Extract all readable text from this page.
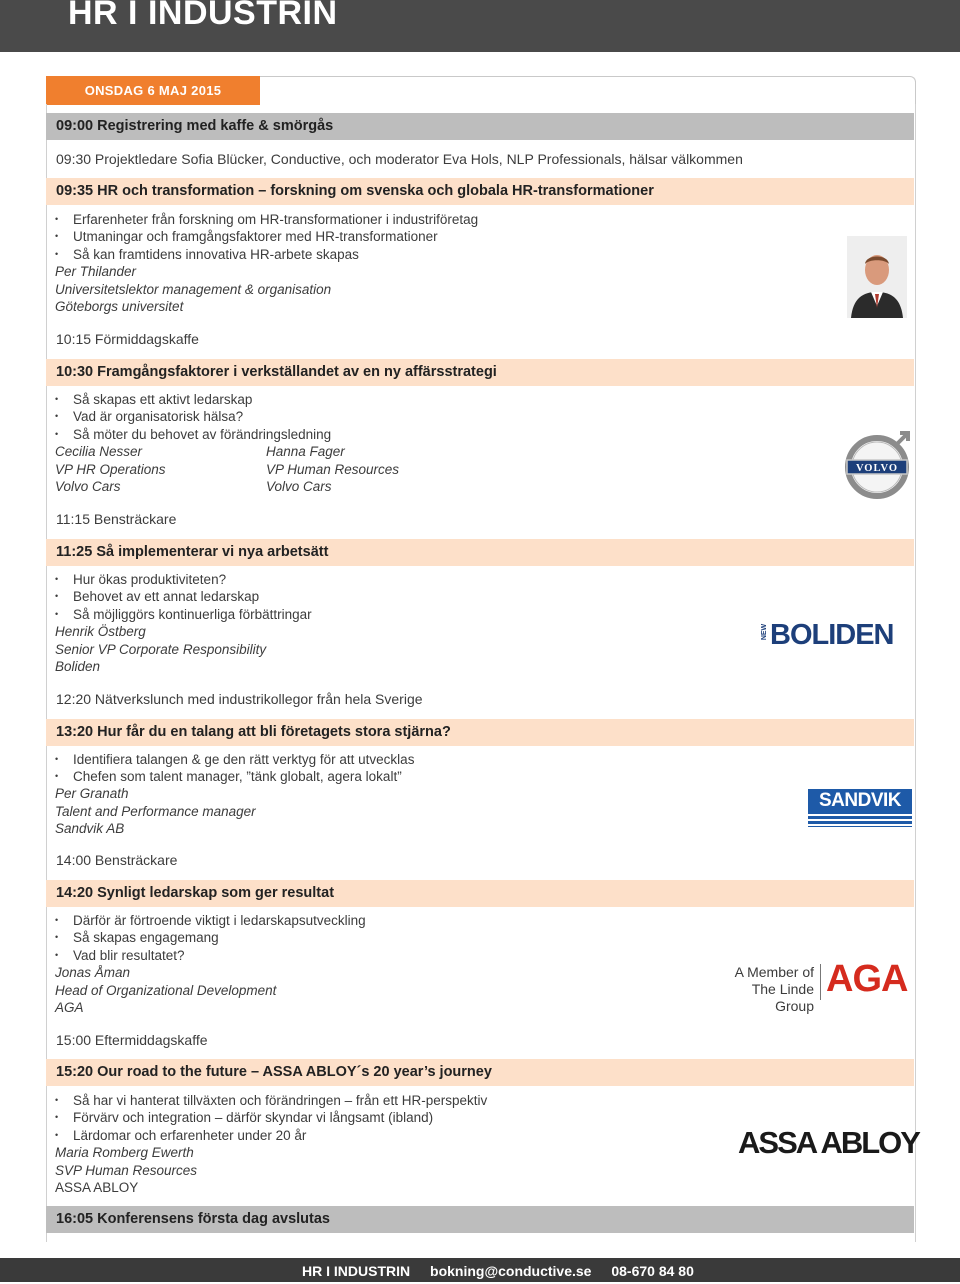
HR I INDUSTRIN
ONSDAG 6 MAJ 2015
09:00 Registrering med kaffe & smörgås
09:30 Projektledare Sofia Blücker, Conductive, och moderator Eva Hols, NLP Professionals, hälsar välkommen
09:35 HR och transformation – forskning om svenska och globala HR-transformationer
Erfarenheter från forskning om HR-transformationer i industriföretag
Utmaningar och framgångsfaktorer med HR-transformationer
Så kan framtidens innovativa HR-arbete skapas
Per Thilander
Universitetslektor management & organisation
Göteborgs universitet
10:15 Förmiddagskaffe
10:30 Framgångsfaktorer i verkställandet av en ny affärsstrategi
Så skapas ett aktivt ledarskap
Vad är organisatorisk hälsa?
Så möter du behovet av förändringsledning
Cecilia Nesser
VP HR Operations
Volvo Cars
Hanna Fager
VP Human Resources
Volvo Cars
VOLVO
11:15 Bensträckare
11:25 Så implementerar vi nya arbetsätt
Hur ökas produktiviteten?
Behovet av ett annat ledarskap
Så möjliggörs kontinuerliga förbättringar
Henrik Östberg
Senior VP Corporate Responsibility
Boliden
NEW BOLIDEN
12:20 Nätverkslunch med industrikollegor från hela Sverige
13:20 Hur får du en talang att bli företagets stora stjärna?
Identifiera talangen & ge den rätt verktyg för att utvecklas
Chefen som talent manager, ”tänk globalt, agera lokalt”
Per Granath
Talent and Performance manager
Sandvik AB
SANDVIK
14:00 Bensträckare
14:20 Synligt ledarskap som ger resultat
Därför är förtroende viktigt i ledarskapsutveckling
Så skapas engagemang
Vad blir resultatet?
Jonas Åman
Head of Organizational Development
AGA
A Member of
The Linde Group
AGA
15:00 Eftermiddagskaffe
15:20 Our road to the future – ASSA ABLOY´s 20 year’s journey
Så har vi hanterat tillväxten och förändringen – från ett HR-perspektiv
Förvärv och integration – därför skyndar vi långsamt (ibland)
Lärdomar och erfarenheter under 20 år
Maria Romberg Ewerth
SVP Human Resources
ASSA ABLOY
ASSA ABLOY
16:05 Konferensens första dag avslutas
HR I INDUSTRIN bokning@conductive.se 08-670 84 80
